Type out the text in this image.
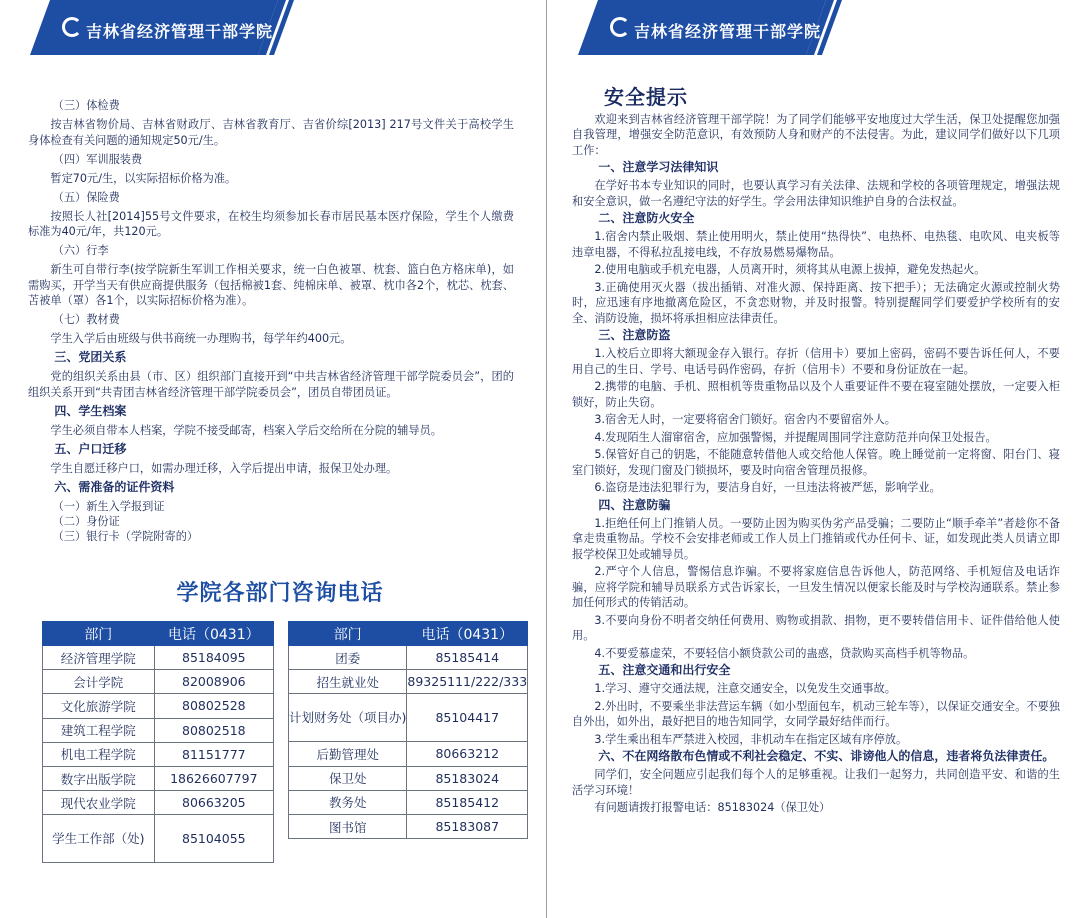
吉林省经济管理干部学院
（三）体检费
按吉林省物价局、吉林省财政厅、吉林省教育厅、吉省价综[2013] 217号文件关于高校学生身体检查有关问题的通知规定50元/生。
（四）军训服装费
暂定70元/生，以实际招标价格为准。
（五）保险费
按照长人社[2014]55号文件要求，在校生均须参加长春市居民基本医疗保险，学生个人缴费标准为40元/年，共120元。
（六）行李
新生可自带行李(按学院新生军训工作相关要求，统一白色被罩、枕套、篮白色方格床单)，如需购买，开学当天有供应商提供服务（包括棉被1套、纯棉床单、被罩、枕巾各2个，枕芯、枕套、苫被单（罩）各1个，以实际招标价格为准）。
（七）教材费
学生入学后由班级与供书商统一办理购书，每学年约400元。
三、党团关系
党的组织关系由县（市、区）组织部门直接开到“中共吉林省经济管理干部学院委员会”，团的组织关系开到“共青团吉林省经济管理干部学院委员会”，团员自带团员证。
四、学生档案
学生必须自带本人档案，学院不接受邮寄，档案入学后交给所在分院的辅导员。
五、户口迁移
学生自愿迁移户口，如需办理迁移，入学后提出申请，报保卫处办理。
六、需准备的证件资料
（一）新生入学报到证
（二）身份证
（三）银行卡（学院附寄的）
学院各部门咨询电话
部门	电话（0431）
经济管理学院	85184095
会计学院	82008906
文化旅游学院	80802528
建筑工程学院	80802518
机电工程学院	81151777
数字出版学院	18626607797
现代农业学院	80663205
学生工作部（处)	85104055
部门	电话（0431）
团委	85185414
招生就业处	89325111/222/333
计划财务处（项目办)	85104417
后勤管理处	80663212
保卫处	85183024
教务处	85185412
图书馆	85183087
吉林省经济管理干部学院
安全提示
欢迎来到吉林省经济管理干部学院！为了同学们能够平安地度过大学生活，保卫处提醒您加强自我管理，增强安全防范意识，有效预防人身和财产的不法侵害。为此，建议同学们做好以下几项工作：
一、注意学习法律知识
在学好书本专业知识的同时，也要认真学习有关法律、法规和学校的各项管理规定，增强法规和安全意识，做一名遵纪守法的好学生。学会用法律知识维护自身的合法权益。
二、注意防火安全
1.宿舍内禁止吸烟、禁止使用明火，禁止使用“热得快”、电热杯、电热毯、电吹风、电夹板等违章电器，不得私拉乱接电线，不存放易燃易爆物品。
2.使用电脑或手机充电器，人员离开时，须将其从电源上拔掉，避免发热起火。
3.正确使用灭火器（拔出插销、对准火源、保持距离、按下把手）；无法确定火源或控制火势时，应迅速有序地撤离危险区，不贪恋财物，并及时报警。特别提醒同学们要爱护学校所有的安全、消防设施，损坏将承担相应法律责任。
三、注意防盗
1.入校后立即将大额现金存入银行。存折（信用卡）要加上密码，密码不要告诉任何人，不要用自己的生日、学号、电话号码作密码，存折（信用卡）不要和身份证放在一起。
2.携带的电脑、手机、照相机等贵重物品以及个人重要证件不要在寝室随处摆放，一定要入柜锁好，防止失窃。
3.宿舍无人时，一定要将宿舍门锁好。宿舍内不要留宿外人。
4.发现陌生人溜窜宿舍，应加强警惕，并提醒周围同学注意防范并向保卫处报告。
5.保管好自己的钥匙，不能随意转借他人或交给他人保管。晚上睡觉前一定将窗、阳台门、寝室门锁好，发现门窗及门锁损坏，要及时向宿舍管理员报修。
6.盗窃是违法犯罪行为，要洁身自好，一旦违法将被严惩，影响学业。
四、注意防骗
1.拒绝任何上门推销人员。一要防止因为购买伪劣产品受骗；二要防止“顺手牵羊”者趁你不备拿走贵重物品。学校不会安排老师或工作人员上门推销或代办任何卡、证，如发现此类人员请立即报学校保卫处或辅导员。
2.严守个人信息，警惕信息诈骗。不要将家庭信息告诉他人，防范网络、手机短信及电话诈骗，应将学院和辅导员联系方式告诉家长，一旦发生情况以便家长能及时与学校沟通联系。禁止参加任何形式的传销活动。
3.不要向身份不明者交纳任何费用、购物或捐款、捐物，更不要转借信用卡、证件借给他人使用。
4.不要爱慕虚荣，不要轻信小额贷款公司的蛊惑，贷款购买高档手机等物品。
五、注意交通和出行安全
1.学习、遵守交通法规，注意交通安全，以免发生交通事故。
2.外出时，不要乘坐非法营运车辆（如小型面包车，机动三轮车等），以保证交通安全。不要独自外出，如外出，最好把目的地告知同学，女同学最好结伴而行。
3.学生乘出租车严禁进入校园，非机动车在指定区域有序停放。
六、不在网络散布色情或不利社会稳定、不实、诽谤他人的信息，违者将负法律责任。
同学们，安全问题应引起我们每个人的足够重视。让我们一起努力，共同创造平安、和谐的生活学习环境！
有问题请拨打报警电话：85183024（保卫处）
